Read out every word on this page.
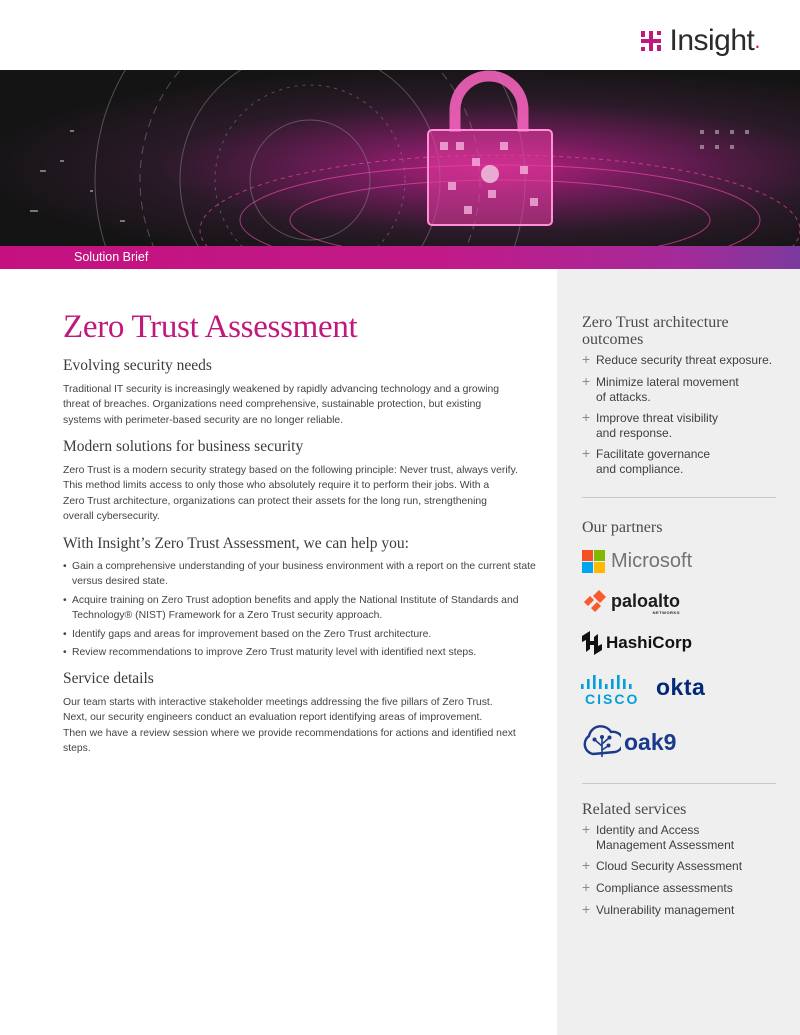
Insight .
Solution Brief
Zero Trust Assessment
Evolving security needs
Traditional IT security is increasingly weakened by rapidly advancing technology and a growing
threat of breaches. Organizations need comprehensive, sustainable protection, but existing
systems with perimeter-based security are no longer reliable.
Modern solutions for business security
Zero Trust is a modern security strategy based on the following principle: Never trust, always verify.
This method limits access to only those who absolutely require it to perform their jobs. With a
Zero Trust architecture, organizations can protect their assets for the long run, strengthening
overall cybersecurity.
With Insight’s Zero Trust Assessment, we can help you:
• Gain a comprehensive understanding of your business environment with a report on the current state versus desired state.
• Acquire training on Zero Trust adoption benefits and apply the National Institute of Standards and Technology® (NIST) Framework for a Zero Trust security approach.
• Identify gaps and areas for improvement based on the Zero Trust architecture.
• Review recommendations to improve Zero Trust maturity level with identified next steps.
Service details
Our team starts with interactive stakeholder meetings addressing the five pillars of Zero Trust.
Next, our security engineers conduct an evaluation report identifying areas of improvement.
Then we have a review session where we provide recommendations for actions and identified next steps.
Zero Trust architecture
outcomes
+ Reduce security threat exposure.
+ Minimize lateral movement
of attacks.
+ Improve threat visibility
and response.
+ Facilitate governance
and compliance.
Our partners
Microsoft
paloalto
NETWORKS
HashiCorp
CISCO okta
oak9
Related services
+ Identity and Access
Management Assessment
+ Cloud Security Assessment
+ Compliance assessments
+ Vulnerability management
